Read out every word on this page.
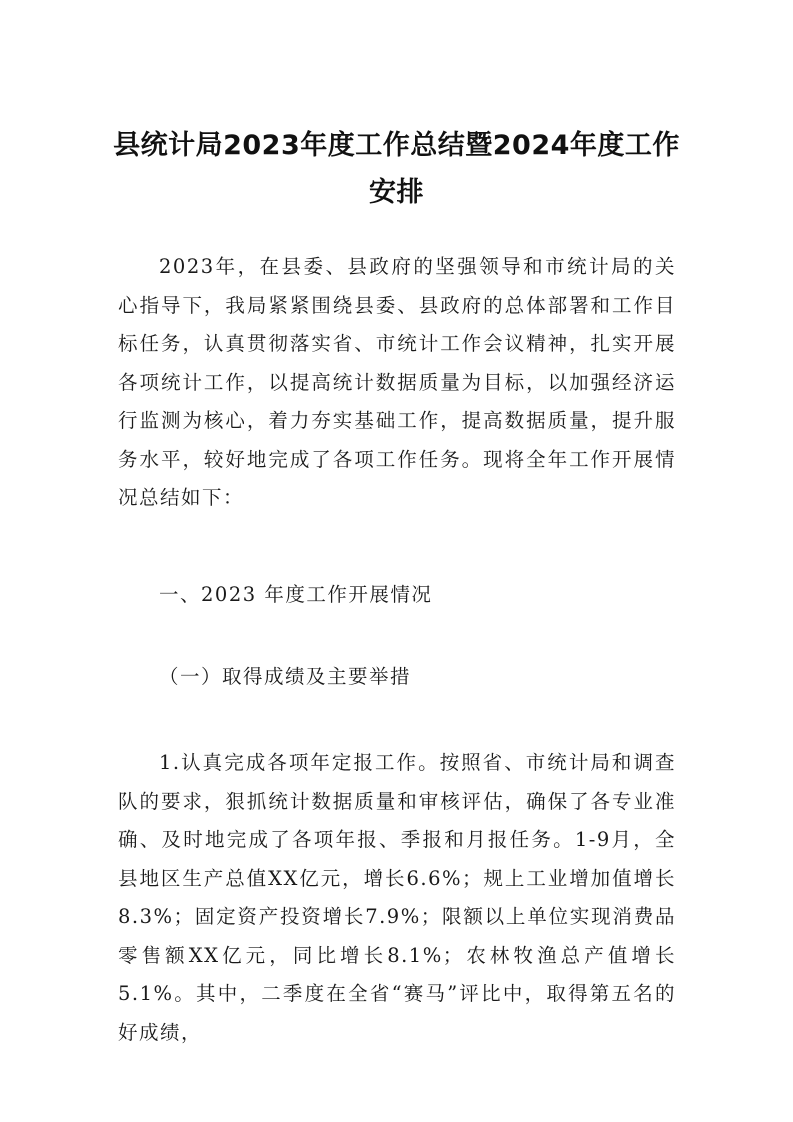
县统计局2023年度工作总结暨2024年度工作安排
2023年，在县委、县政府的坚强领导和市统计局的关心指导下，我局紧紧围绕县委、县政府的总体部署和工作目标任务，认真贯彻落实省、市统计工作会议精神，扎实开展各项统计工作，以提高统计数据质量为目标，以加强经济运行监测为核心，着力夯实基础工作，提高数据质量，提升服务水平，较好地完成了各项工作任务。现将全年工作开展情况总结如下：
一、2023 年度工作开展情况
（一）取得成绩及主要举措
1.认真完成各项年定报工作。按照省、市统计局和调查队的要求，狠抓统计数据质量和审核评估，确保了各专业准确、及时地完成了各项年报、季报和月报任务。1-9月，全县地区生产总值XX亿元，增长6.6%；规上工业增加值增长8.3%；固定资产投资增长7.9%；限额以上单位实现消费品零售额XX亿元，同比增长8.1%；农林牧渔总产值增长5.1%。其中，二季度在全省“赛马”评比中，取得第五名的好成绩，
